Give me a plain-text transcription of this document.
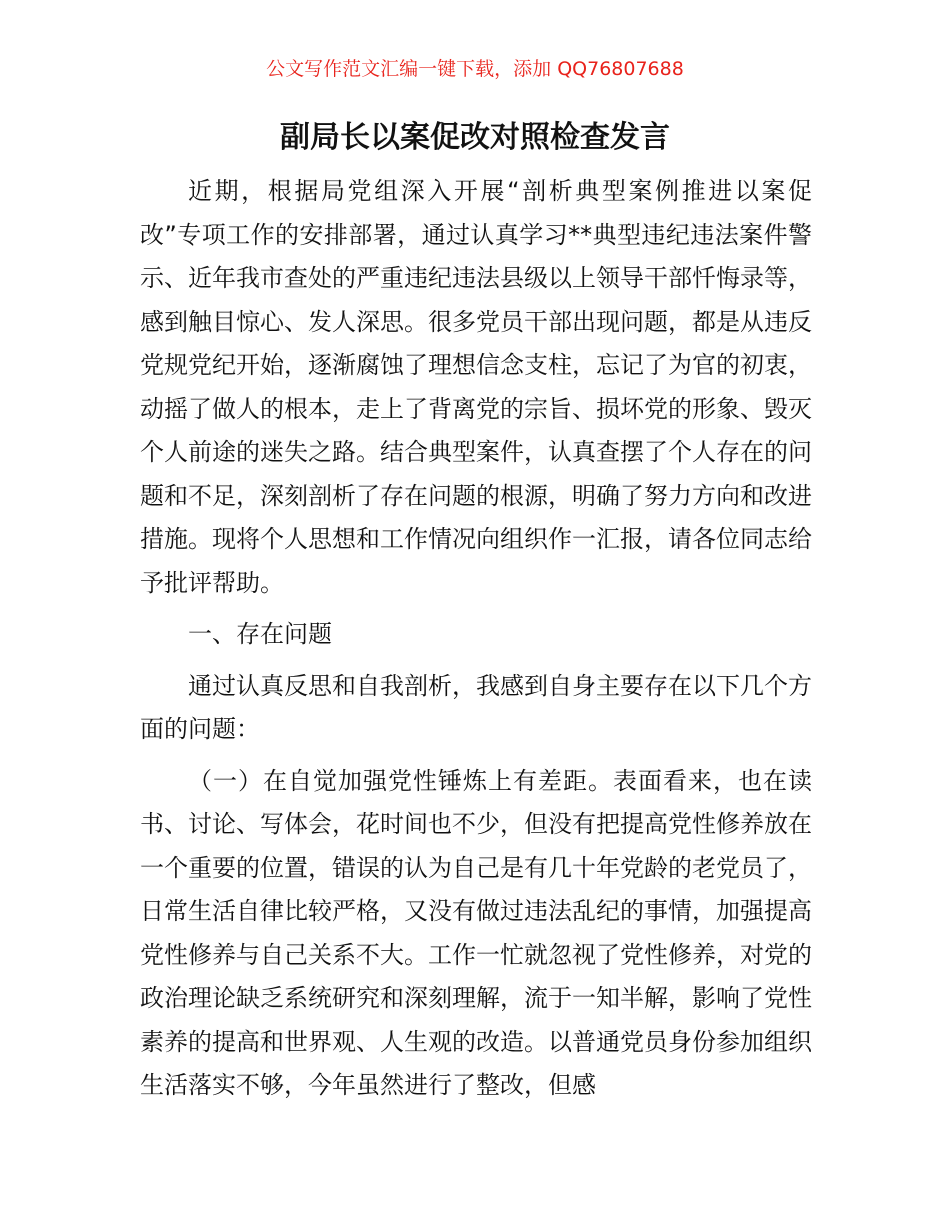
公文写作范文汇编一键下载，添加 QQ76807688
副局长以案促改对照检查发言

近期，根据局党组深入开展“剖析典型案例推进以案促改”专项工作的安排部署，通过认真学习**典型违纪违法案件警示、近年我市查处的严重违纪违法县级以上领导干部忏悔录等，感到触目惊心、发人深思。很多党员干部出现问题，都是从违反党规党纪开始，逐渐腐蚀了理想信念支柱，忘记了为官的初衷，动摇了做人的根本，走上了背离党的宗旨、损坏党的形象、毁灭个人前途的迷失之路。结合典型案件，认真查摆了个人存在的问题和不足，深刻剖析了存在问题的根源，明确了努力方向和改进措施。现将个人思想和工作情况向组织作一汇报，请各位同志给予批评帮助。

一、存在问题

通过认真反思和自我剖析，我感到自身主要存在以下几个方面的问题：

（一）在自觉加强党性锤炼上有差距。表面看来，也在读书、讨论、写体会，花时间也不少，但没有把提高党性修养放在一个重要的位置，错误的认为自己是有几十年党龄的老党员了，日常生活自律比较严格，又没有做过违法乱纪的事情，加强提高党性修养与自己关系不大。工作一忙就忽视了党性修养，对党的政治理论缺乏系统研究和深刻理解，流于一知半解，影响了党性素养的提高和世界观、人生观的改造。以普通党员身份参加组织生活落实不够，今年虽然进行了整改，但感
